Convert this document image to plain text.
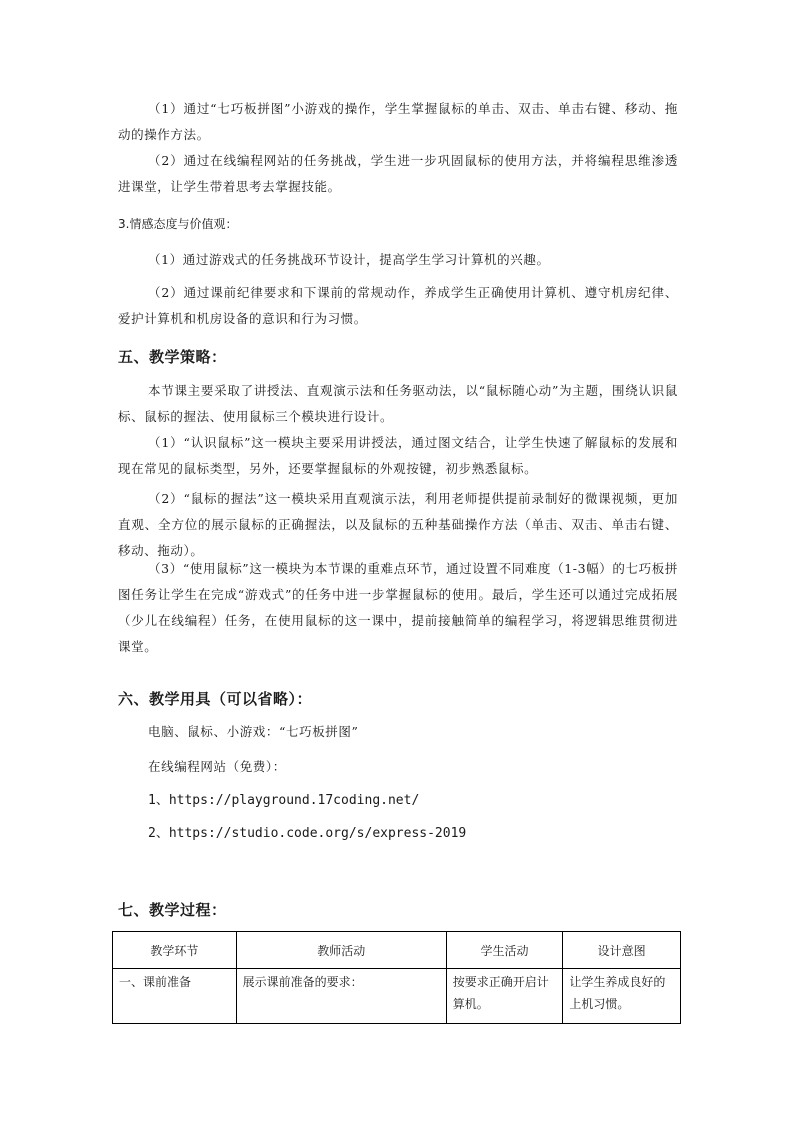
（1）通过“七巧板拼图”小游戏的操作，学生掌握鼠标的单击、双击、单击右键、移动、拖动的操作方法。
（2）通过在线编程网站的任务挑战，学生进一步巩固鼠标的使用方法，并将编程思维渗透进课堂，让学生带着思考去掌握技能。
3.情感态度与价值观：
（1）通过游戏式的任务挑战环节设计，提高学生学习计算机的兴趣。
（2）通过课前纪律要求和下课前的常规动作，养成学生正确使用计算机、遵守机房纪律、爱护计算机和机房设备的意识和行为习惯。
五、教学策略：
本节课主要采取了讲授法、直观演示法和任务驱动法，以“鼠标随心动”为主题，围绕认识鼠标、鼠标的握法、使用鼠标三个模块进行设计。
（1）“认识鼠标”这一模块主要采用讲授法，通过图文结合，让学生快速了解鼠标的发展和现在常见的鼠标类型，另外，还要掌握鼠标的外观按键，初步熟悉鼠标。
（2）“鼠标的握法”这一模块采用直观演示法，利用老师提供提前录制好的微课视频，更加直观、全方位的展示鼠标的正确握法，以及鼠标的五种基础操作方法（单击、双击、单击右键、移动、拖动）。
（3）“使用鼠标”这一模块为本节课的重难点环节，通过设置不同难度（1-3幅）的七巧板拼图任务让学生在完成“游戏式”的任务中进一步掌握鼠标的使用。最后，学生还可以通过完成拓展（少儿在线编程）任务，在使用鼠标的这一课中，提前接触简单的编程学习，将逻辑思维贯彻进课堂。
六、教学用具（可以省略）：
电脑、鼠标、小游戏：“七巧板拼图”
在线编程网站（免费）：
1、https://playground.17coding.net/
2、https://studio.code.org/s/express-2019
七、教学过程：
教学环节	教师活动	学生活动	设计意图
一、课前准备	展示课前准备的要求：	按要求正确开启计算机。	让学生养成良好的上机习惯。
